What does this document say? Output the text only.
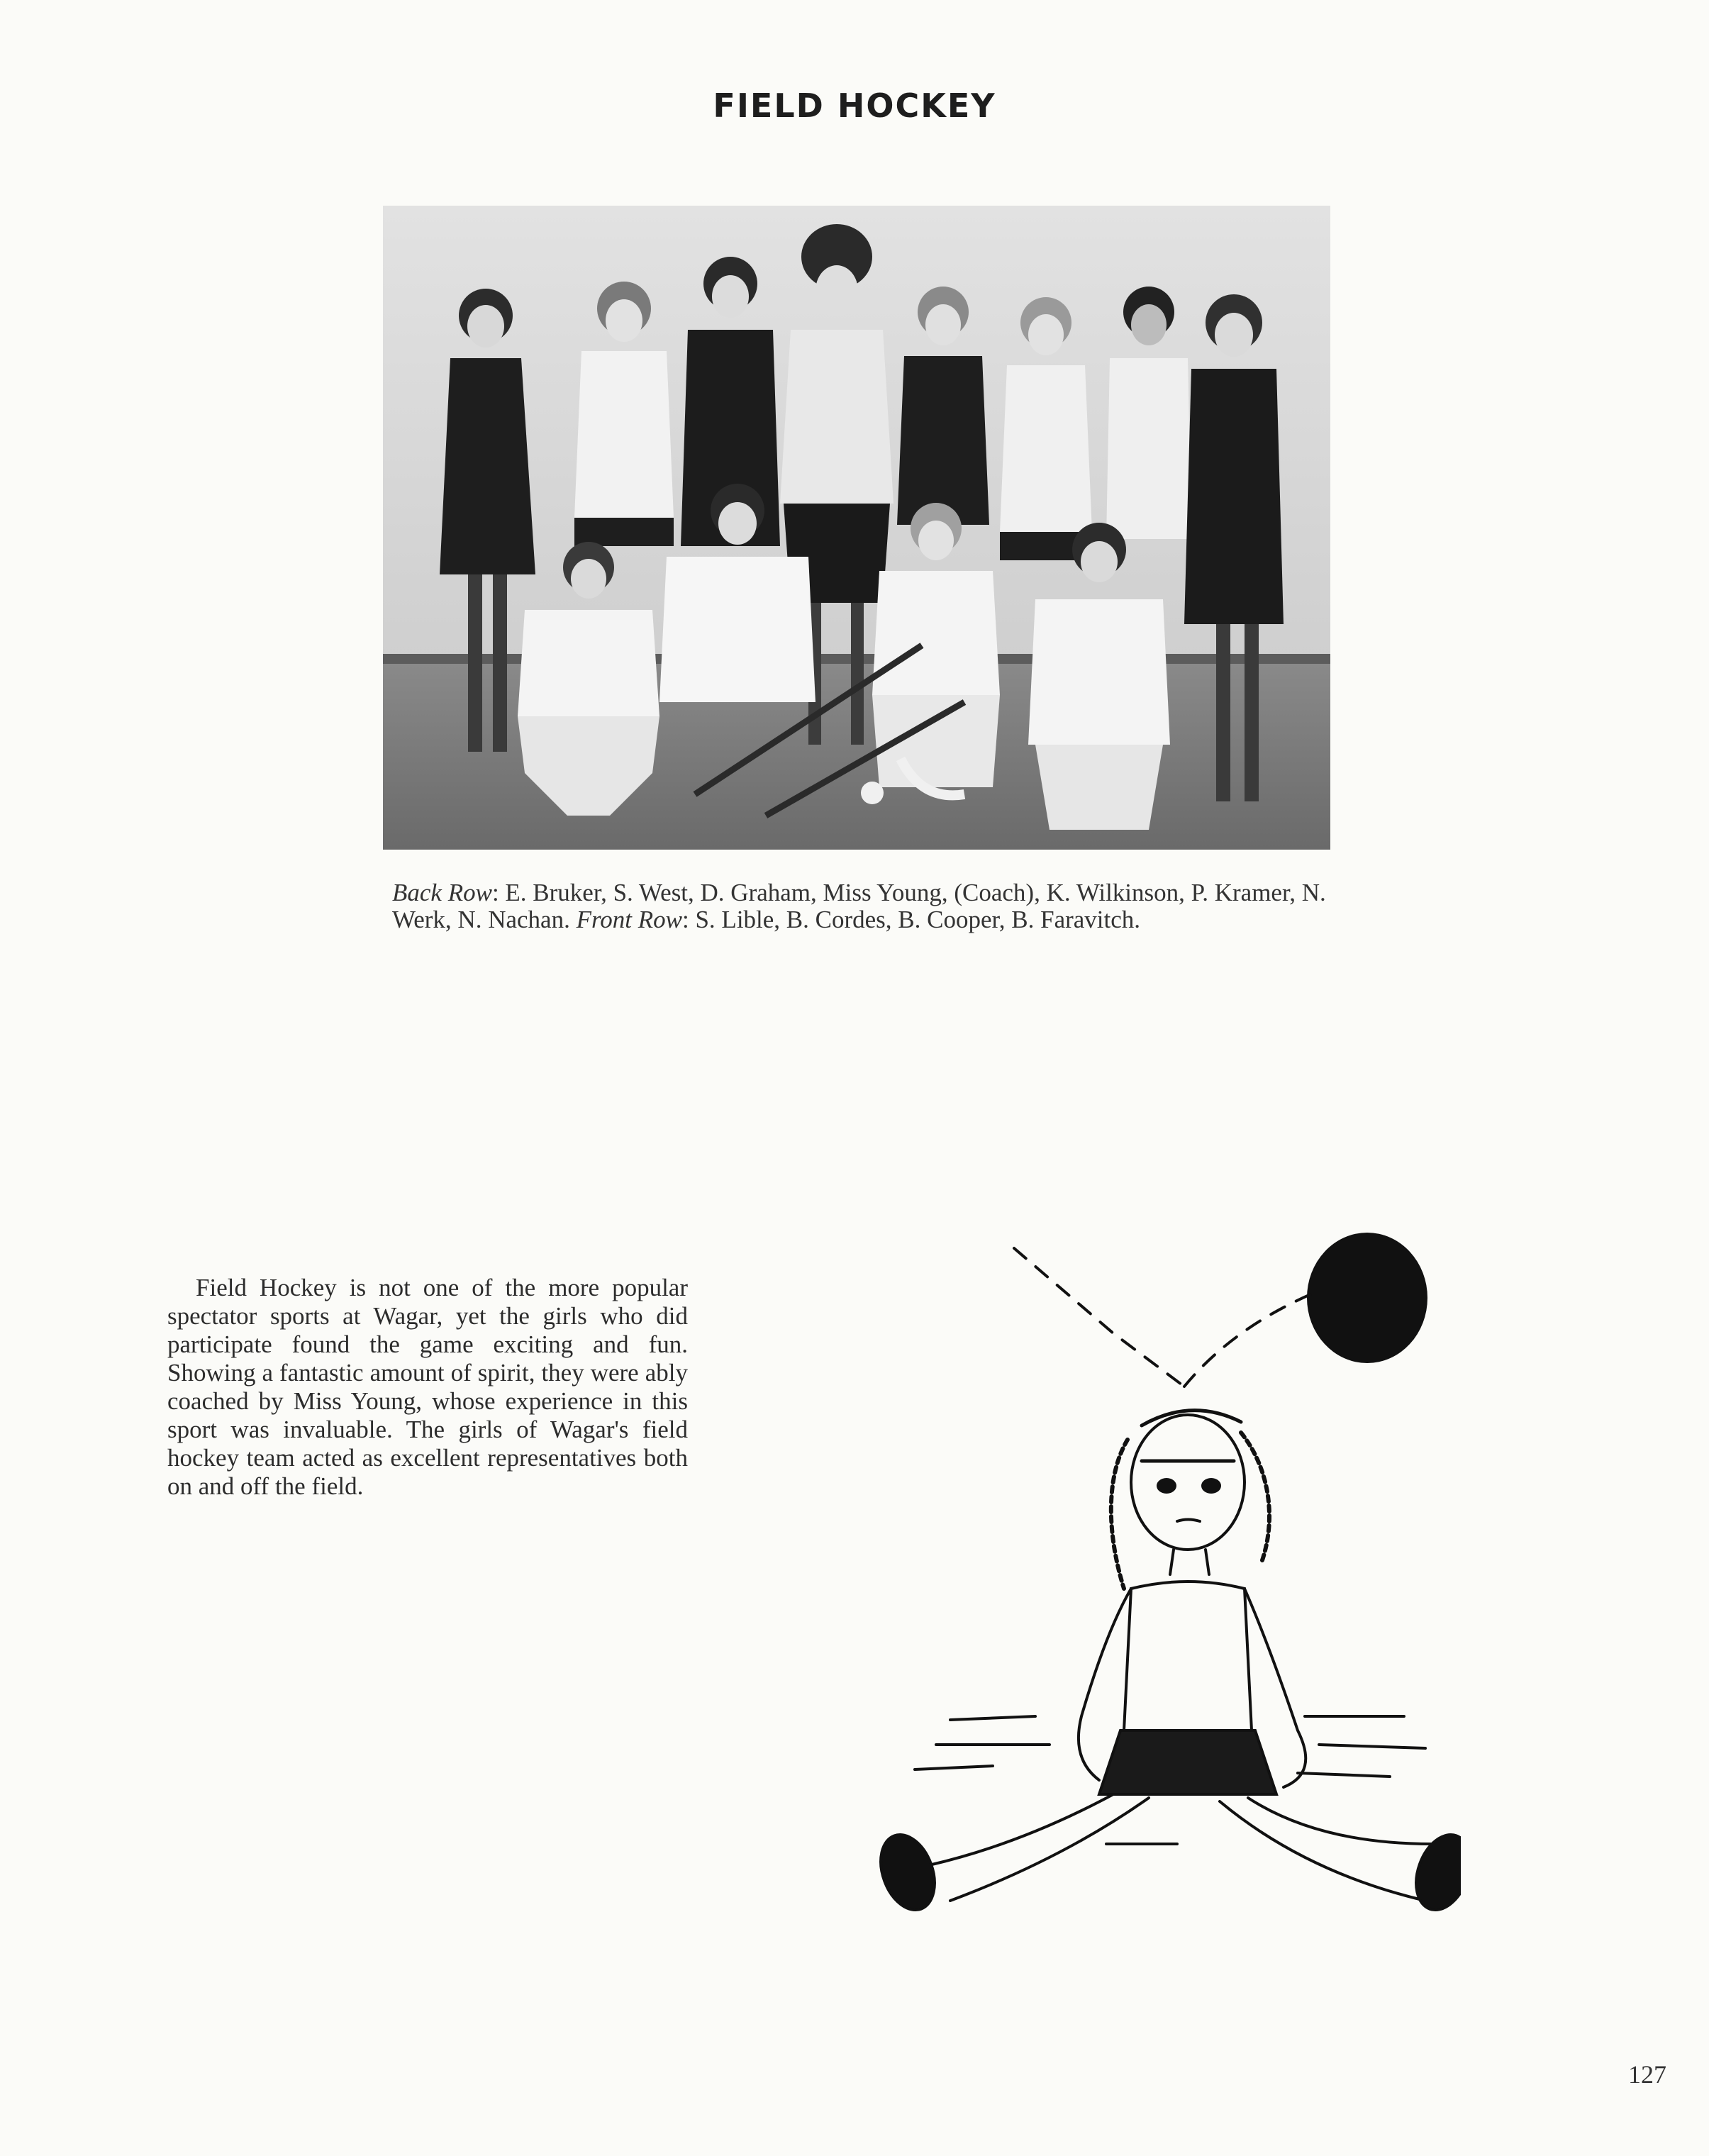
FIELD HOCKEY
Back Row: E. Bruker, S. West, D. Graham, Miss Young, (Coach), K. Wilkinson, P. Kramer, N. Werk, N. Nachan. Front Row: S. Lible, B. Cordes, B. Cooper, B. Faravitch.

Field Hockey is not one of the more popular spectator sports at Wagar, yet the girls who did participate found the game exciting and fun. Showing a fantastic amount of spirit, they were ably coached by Miss Young, whose experience in this sport was invaluable. The girls of Wagar's field hockey team acted as excellent representatives both on and off the field.

127
